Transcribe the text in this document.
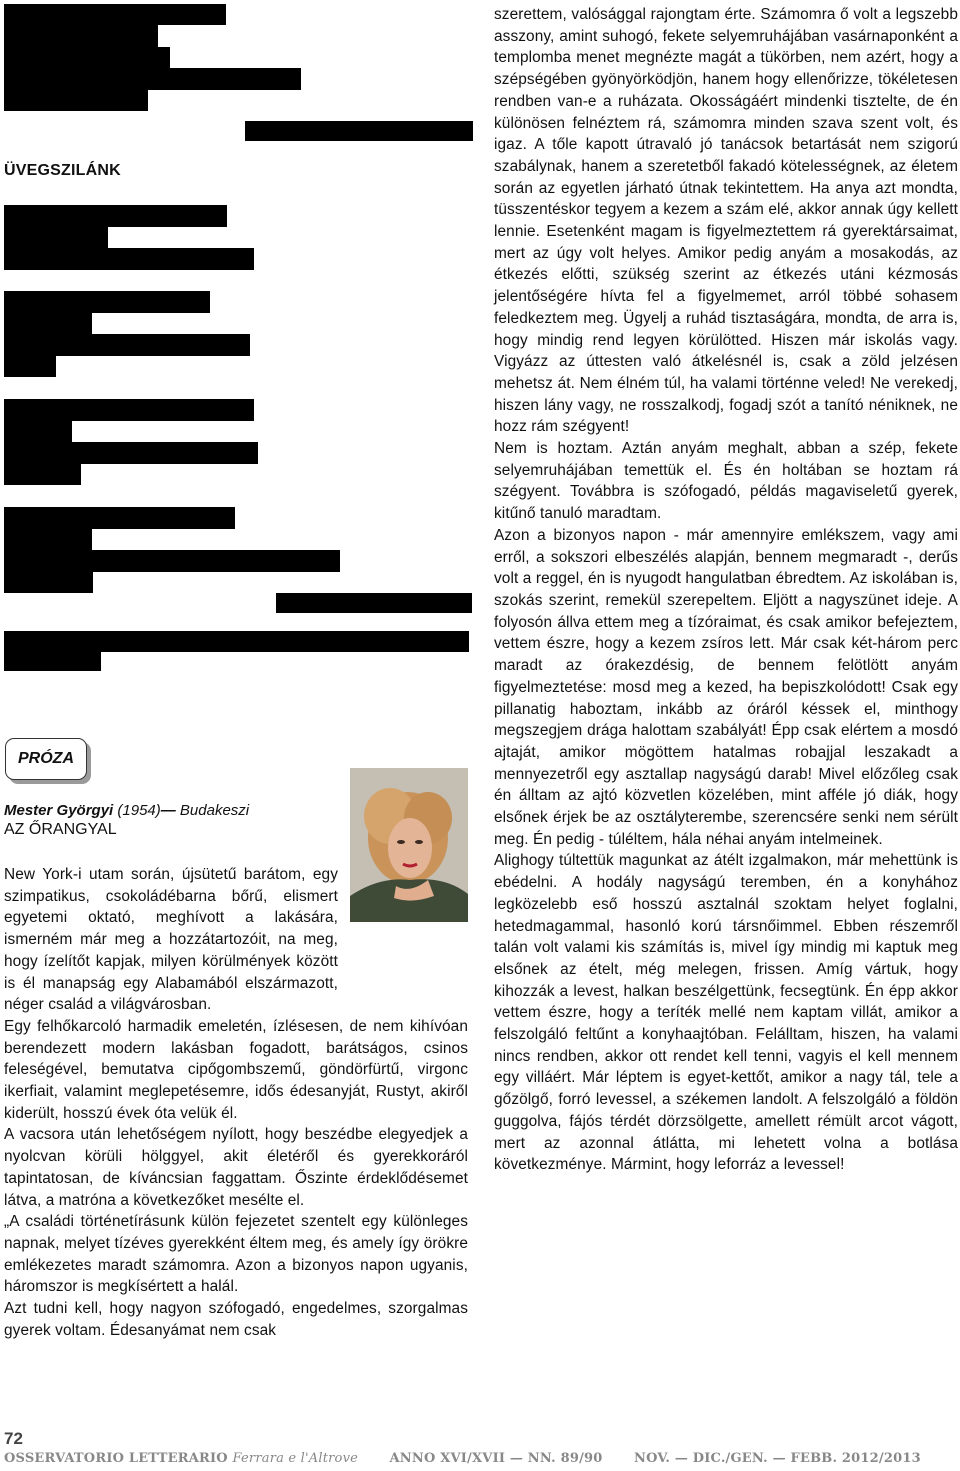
ÜVEGSZILÁNK
PRÓZA
Mester Györgyi (1954)— Budakeszi
AZ ŐRANGYAL

New York-i utam során, újsütetű barátom, egy szimpatikus, csokoládébarna bőrű, elismert egyetemi oktató, meghívott a lakására, ismerném már meg a hozzátartozóit, na meg, hogy ízelítőt kapjak, milyen körülmények között is él manapság egy Alabamából elszármazott, néger család a világvárosban.

Egy felhőkarcoló harmadik emeletén, ízlésesen, de nem kihívóan berendezett modern lakásban fogadott, barátságos, csinos feleségével, bemutatva cipőgombszemű, göndörfürtű, virgonc ikerfiait, valamint meglepetésemre, idős édesanyját, Rustyt, akiről kiderült, hosszú évek óta velük él.

A vacsora után lehetőségem nyílott, hogy beszédbe elegyedjek a nyolcvan körüli hölggyel, akit életéről és gyerekkoráról tapintatosan, de kíváncsian faggattam. Őszinte érdeklődésemet látva, a matróna a következőket mesélte el.

„A családi történetírásunk külön fejezetet szentelt egy különleges napnak, melyet tízéves gyerekként éltem meg, és amely így örökre emlékezetes maradt számomra. Azon a bizonyos napon ugyanis, háromszor is megkísértett a halál.

Azt tudni kell, hogy nagyon szófogadó, engedelmes, szorgalmas gyerek voltam. Édesanyámat nem csak

szerettem, valósággal rajongtam érte. Számomra ő volt a legszebb asszony, amint suhogó, fekete selyemruhájában vasárnaponként a templomba menet megnézte magát a tükörben, nem azért, hogy a szépségében gyönyörködjön, hanem hogy ellenőrizze, tökéletesen rendben van-e a ruházata. Okosságáért mindenki tisztelte, de én különösen felnéztem rá, számomra minden szava szent volt, és igaz. A tőle kapott útravaló jó tanácsok betartását nem szigorú szabálynak, hanem a szeretetből fakadó kötelességnek, az életem során az egyetlen járható útnak tekintettem. Ha anya azt mondta, tüsszentéskor tegyem a kezem a szám elé, akkor annak úgy kellett lennie. Esetenként magam is figyelmeztettem rá gyerektársaimat, mert az úgy volt helyes. Amikor pedig anyám a mosakodás, az étkezés előtti, szükség szerint az étkezés utáni kézmosás jelentőségére hívta fel a figyelmemet, arról többé sohasem feledkeztem meg. Ügyelj a ruhád tisztaságára, mondta, de arra is, hogy mindig rend legyen körülötted. Hiszen már iskolás vagy. Vigyázz az úttesten való átkelésnél is, csak a zöld jelzésen mehetsz át. Nem élném túl, ha valami történne veled! Ne verekedj, hiszen lány vagy, ne rosszalkodj, fogadj szót a tanító néniknek, ne hozz rám szégyent!

Nem is hoztam. Aztán anyám meghalt, abban a szép, fekete selyemruhájában temettük el. És én holtában se hoztam rá szégyent. Továbbra is szófogadó, példás magaviseletű gyerek, kitűnő tanuló maradtam.

Azon a bizonyos napon - már amennyire emlékszem, vagy ami erről, a sokszori elbeszélés alapján, bennem megmaradt -, derűs volt a reggel, én is nyugodt hangulatban ébredtem. Az iskolában is, szokás szerint, remekül szerepeltem. Eljött a nagyszünet ideje. A folyosón állva ettem meg a tízóraimat, és csak amikor befejeztem, vettem észre, hogy a kezem zsíros lett. Már csak két-három perc maradt az órakezdésig, de bennem felötlött anyám figyelmeztetése: mosd meg a kezed, ha bepiszkolódott! Csak egy pillanatig haboztam, inkább az óráról késsek el, minthogy megszegjem drága halottam szabályát! Épp csak elértem a mosdó ajtaját, amikor mögöttem hatalmas robajjal leszakadt a mennyezetről egy asztallap nagyságú darab! Mivel előzőleg csak én álltam az ajtó közvetlen közelében, mint afféle jó diák, hogy elsőnek érjek be az osztályterembe, szerencsére senki nem sérült meg. Én pedig - túléltem, hála néhai anyám intelmeinek.

Alighogy túltettük magunkat az átélt izgalmakon, már mehettünk is ebédelni. A hodály nagyságú teremben, én a konyhához legközelebb eső hosszú asztalnál szoktam helyet foglalni, hetedmagammal, hasonló korú társnőimmel. Ebben részemről talán volt valami kis számítás is, mivel így mindig mi kaptuk meg elsőnek az ételt, még melegen, frissen. Amíg vártuk, hogy kihozzák a levest, halkan beszélgettünk, fecsegtünk. Én épp akkor vettem észre, hogy a teríték mellé nem kaptam villát, amikor a felszolgáló feltűnt a konyhaajtóban. Felálltam, hiszen, ha valami nincs rendben, akkor ott rendet kell tenni, vagyis el kell mennem egy villáért. Már léptem is egyet-kettőt, amikor a nagy tál, tele a gőzölgő, forró levessel, a székemen landolt. A felszolgáló a földön guggolva, fájós térdét dörzsölgette, amellett rémült arcot vágott, mert az azonnal átlátta, mi lehetett volna a botlása következménye. Mármint, hogy leforráz a levessel!

72
OSSERVATORIO LETTERARIO Ferrara e l'Altrove ANNO XVI/XVII — NN. 89/90 NOV. — DIC./GEN. — FEBB. 2012/2013
